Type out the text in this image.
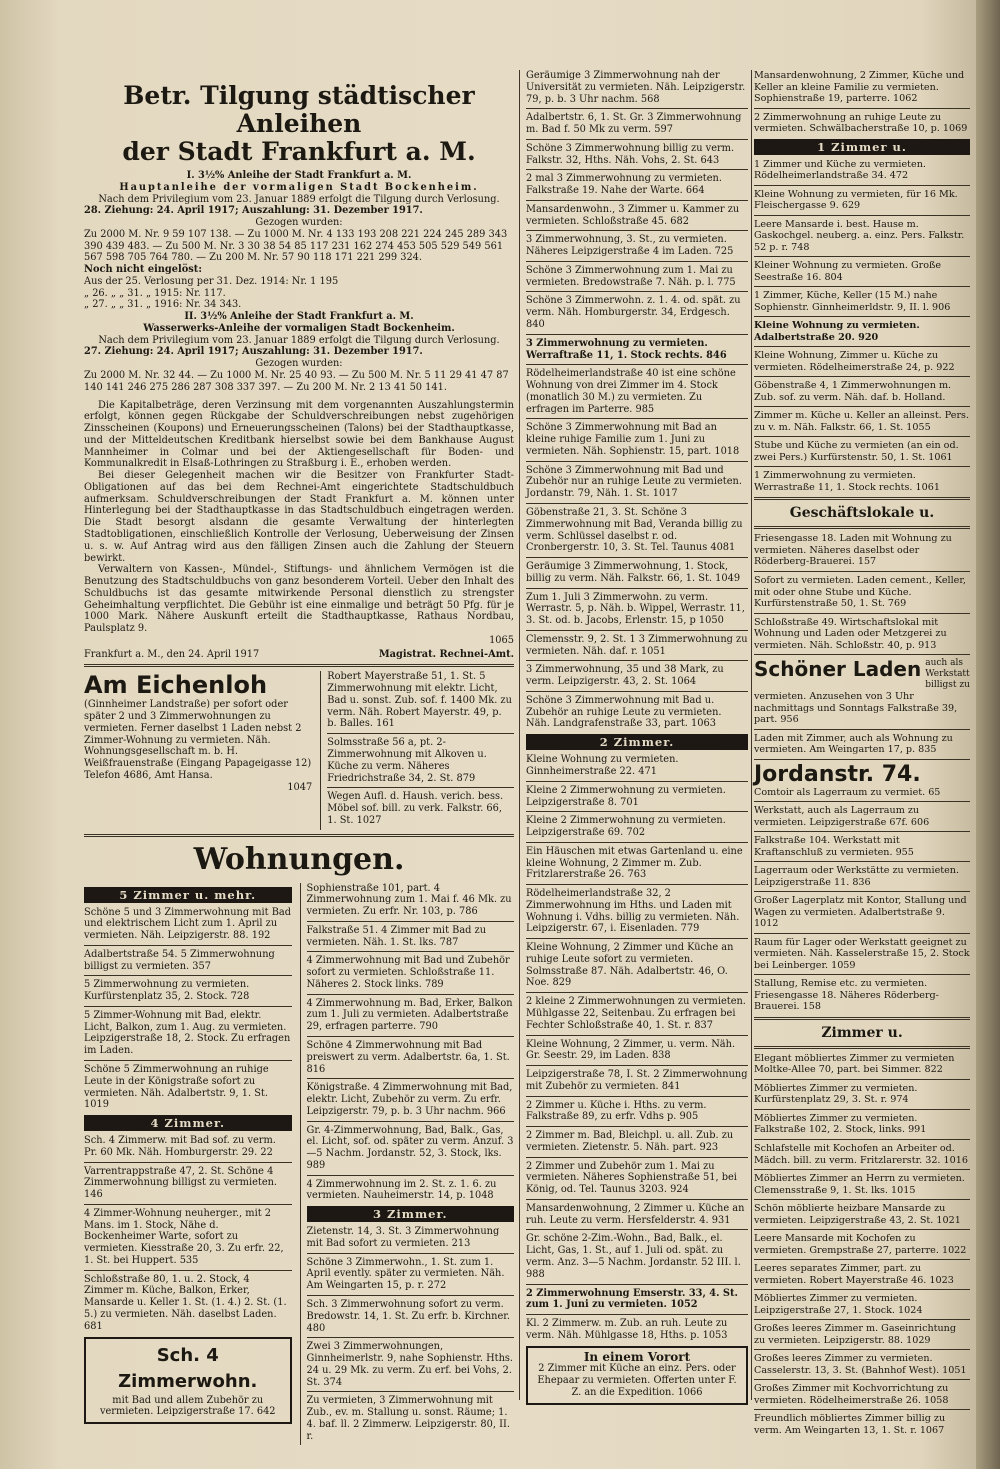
Betr. Tilgung städtischer Anleihen
der Stadt Frankfurt a. M.

I. 3½% Anleihe der Stadt Frankfurt a. M.

Hauptanleihe der vormaligen Stadt Bockenheim.

Nach dem Privilegium vom 23. Januar 1889 erfolgt die Tilgung durch Verlosung.

28. Ziehung: 24. April 1917; Auszahlung: 31. Dezember 1917.

Gezogen wurden:

Zu 2000 M. Nr. 9 59 107 138. — Zu 1000 M. Nr. 4 133 193 208 221 224 245 289 343 390 439 483. — Zu 500 M. Nr. 3 30 38 54 85 117 231 162 274 453 505 529 549 561 567 598 705 764 780. — Zu 200 M. Nr. 57 90 118 171 221 299 324.

Noch nicht eingelöst:

Aus der 25. Verlosung per 31. Dez. 1914: Nr. 1 195

„ 26. „ „ 31. „ 1915: Nr. 117.

„ 27. „ „ 31. „ 1916: Nr. 34 343.

II. 3½% Anleihe der Stadt Frankfurt a. M.

Wasserwerks-Anleihe der vormaligen Stadt Bockenheim.

Nach dem Privilegium vom 23. Januar 1889 erfolgt die Tilgung durch Verlosung.

27. Ziehung: 24. April 1917; Auszahlung: 31. Dezember 1917.

Gezogen wurden:

Zu 2000 M. Nr. 32 44. — Zu 1000 M. Nr. 25 40 93. — Zu 500 M. Nr. 5 11 29 41 47 87 140 141 246 275 286 287 308 337 397. — Zu 200 M. Nr. 2 13 41 50 141.

Die Kapitalbeträge, deren Verzinsung mit dem vorgenannten Auszahlungstermin erfolgt, können gegen Rückgabe der Schuldverschreibungen nebst zugehörigen Zinsscheinen (Koupons) und Erneuerungsscheinen (Talons) bei der Stadthauptkasse, und der Mitteldeutschen Kreditbank hierselbst sowie bei dem Bankhause August Mannheimer in Colmar und bei der Aktiengesellschaft für Boden- und Kommunalkredit in Elsaß-Lothringen zu Straßburg i. E., erhoben werden.

Bei dieser Gelegenheit machen wir die Besitzer von Frankfurter Stadt-Obligationen auf das bei dem Rechnei-Amt eingerichtete Stadtschuldbuch aufmerksam. Schuldverschreibungen der Stadt Frankfurt a. M. können unter Hinterlegung bei der Stadthauptkasse in das Stadtschuldbuch eingetragen werden. Die Stadt besorgt alsdann die gesamte Verwaltung der hinterlegten Stadtobligationen, einschließlich Kontrolle der Verlosung, Ueberweisung der Zinsen u. s. w. Auf Antrag wird aus den fälligen Zinsen auch die Zahlung der Steuern bewirkt.

Verwaltern von Kassen-, Mündel-, Stiftungs- und ähnlichem Vermögen ist die Benutzung des Stadtschuldbuchs von ganz besonderem Vorteil. Ueber den Inhalt des Schuldbuchs ist das gesamte mitwirkende Personal dienstlich zu strengster Geheimhaltung verpflichtet. Die Gebühr ist eine einmalige und beträgt 50 Pfg. für je 1000 Mark. Nähere Auskunft erteilt die Stadthauptkasse, Rathaus Nordbau, Paulsplatz 9.

1065

Frankfurt a. M., den 24. April 1917	Magistrat. Rechnei-Amt.
Am Eichenloh

(Ginnheimer Landstraße) per sofort oder später 2 und 3 Zimmerwohnungen zu vermieten. Ferner daselbst 1 Laden nebst 2 Zimmer-Wohnung zu vermieten. Näh. Wohnungsgesellschaft m. b. H. Weißfrauenstraße (Eingang Papageigasse 12) Telefon 4686, Amt Hansa.

1047

Robert Mayerstraße 51, 1. St. 5 Zimmerwohnung mit elektr. Licht, Bad u. sonst. Zub. sof. f. 1400 Mk. zu verm. Näh. Robert Mayerstr. 49, p. b. Balles. 161

Solmsstraße 56 a, pt. 2-Zimmerwohnung mit Alkoven u. Küche zu verm. Näheres Friedrichstraße 34, 2. St. 879

Wegen Aufl. d. Haush. verich. bess. Möbel sof. bill. zu verk. Falkstr. 66, 1. St. 1027

Wohnungen.
5 Zimmer u. mehr.

Schöne 5 und 3 Zimmerwohnung mit Bad und elektrischem Licht zum 1. April zu vermieten. Näh. Leipzigerstr. 88. 192

Adalbertstraße 54. 5 Zimmerwohnung billigst zu vermieten. 357

5 Zimmerwohnung zu vermieten. Kurfürstenplatz 35, 2. Stock. 728

5 Zimmer-Wohnung mit Bad, elektr. Licht, Balkon, zum 1. Aug. zu vermieten. Leipzigerstraße 18, 2. Stock. Zu erfragen im Laden.

Schöne 5 Zimmerwohnung an ruhige Leute in der Königstraße sofort zu vermieten. Näh. Adalbertstr. 9, 1. St. 1019

4 Zimmer.

Sch. 4 Zimmerw. mit Bad sof. zu verm. Pr. 60 Mk. Näh. Homburgerstr. 29. 22

Varrentrappstraße 47, 2. St. Schöne 4 Zimmerwohnung billigst zu vermieten. 146

4 Zimmer-Wohnung neuherger., mit 2 Mans. im 1. Stock, Nähe d. Bockenheimer Warte, sofort zu vermieten. Kiesstraße 20, 3. Zu erfr. 22, 1. St. bei Huppert. 535

Schloßstraße 80, 1. u. 2. Stock, 4 Zimmer m. Küche, Balkon, Erker, Mansarde u. Keller 1. St. (1. 4.) 2. St. (1. 5.) zu vermieten. Näh. daselbst Laden. 681

Sch. 4 Zimmerwohn.

mit Bad und allem Zubehör zu vermieten. Leipzigerstraße 17. 642

Sophienstraße 101, part. 4 Zimmerwohnung zum 1. Mai f. 46 Mk. zu vermieten. Zu erfr. Nr. 103, p. 786

Falkstraße 51. 4 Zimmer mit Bad zu vermieten. Näh. 1. St. lks. 787

4 Zimmerwohnung mit Bad und Zubehör sofort zu vermieten. Schloßstraße 11. Näheres 2. Stock links. 789

4 Zimmerwohnung m. Bad, Erker, Balkon zum 1. Juli zu vermieten. Adalbertstraße 29, erfragen parterre. 790

Schöne 4 Zimmerwohnung mit Bad preiswert zu verm. Adalbertstr. 6a, 1. St. 816

Königstraße. 4 Zimmerwohnung mit Bad, elektr. Licht, Zubehör zu verm. Zu erfr. Leipzigerstr. 79, p. b. 3 Uhr nachm. 966

Gr. 4-Zimmerwohnung, Bad, Balk., Gas, el. Licht, sof. od. später zu verm. Anzuf. 3—5 Nachm. Jordanstr. 52, 3. Stock, lks. 989

4 Zimmerwohnung im 2. St. z. 1. 6. zu vermieten. Nauheimerstr. 14, p. 1048

3 Zimmer.

Zietenstr. 14, 3. St. 3 Zimmerwohnung mit Bad sofort zu vermieten. 213

Schöne 3 Zimmerwohn., 1. St. zum 1. April evently. später zu vermieten. Näh. Am Weingarten 15, p. r. 272

Sch. 3 Zimmerwohnung sofort zu verm. Bredowstr. 14, 1. St. Zu erfr. b. Kirchner. 480

Zwei 3 Zimmerwohnungen, Ginnheimerlstr. 9, nahe Sophienstr. Hths. 24 u. 29 Mk. zu verm. Zu erf. bei Vohs, 2. St. 374

Zu vermieten, 3 Zimmerwohnung mit Zub., ev. m. Stallung u. sonst. Räume; 1. 4. baf. ll. 2 Zimmerw. Leipzigerstr. 80, II. r.

Geräumige 3 Zimmerwohnung nah der Universität zu vermieten. Näh. Leipzigerstr. 79, p. b. 3 Uhr nachm. 568

Adalbertstr. 6, 1. St. Gr. 3 Zimmerwohnung m. Bad f. 50 Mk zu verm. 597

Schöne 3 Zimmerwohnung billig zu verm. Falkstr. 32, Hths. Näh. Vohs, 2. St. 643

2 mal 3 Zimmerwohnung zu vermieten. Falkstraße 19. Nahe der Warte. 664

Mansardenwohn., 3 Zimmer u. Kammer zu vermieten. Schloßstraße 45. 682

3 Zimmerwohnung, 3. St., zu vermieten. Näheres Leipzigerstraße 4 im Laden. 725

Schöne 3 Zimmerwohnung zum 1. Mai zu vermieten. Bredowstraße 7. Näh. p. l. 775

Schöne 3 Zimmerwohn. z. 1. 4. od. spät. zu verm. Näh. Homburgerstr. 34, Erdgesch. 840

3 Zimmerwohnung zu vermieten. Werraftraße 11, 1. Stock rechts. 846

Rödelheimerlandstraße 40 ist eine schöne Wohnung von drei Zimmer im 4. Stock (monatlich 30 M.) zu vermieten. Zu erfragen im Parterre. 985

Schöne 3 Zimmerwohnung mit Bad an kleine ruhige Familie zum 1. Juni zu vermieten. Näh. Sophienstr. 15, part. 1018

Schöne 3 Zimmerwohnung mit Bad und Zubehör nur an ruhige Leute zu vermieten. Jordanstr. 79, Näh. 1. St. 1017

Göbenstraße 21, 3. St. Schöne 3 Zimmerwohnung mit Bad, Veranda billig zu verm. Schlüssel daselbst r. od. Cronbergerstr. 10, 3. St. Tel. Taunus 4081

Geräumige 3 Zimmerwohnung, 1. Stock, billig zu verm. Näh. Falkstr. 66, 1. St. 1049

Zum 1. Juli 3 Zimmerwohn. zu verm. Werrastr. 5, p. Näh. b. Wippel, Werrastr. 11, 3. St. od. b. Jacobs, Erlenstr. 15, p 1050

Clemensstr. 9, 2. St. 1 3 Zimmerwohnung zu vermieten. Näh. daf. r. 1051

3 Zimmerwohnung, 35 und 38 Mark, zu verm. Leipzigerstr. 43, 2. St. 1064

Schöne 3 Zimmerwohnung mit Bad u. Zubehör an ruhige Leute zu vermieten. Näh. Landgrafenstraße 33, part. 1063

2 Zimmer.

Kleine Wohnung zu vermieten. Ginnheimerstraße 22. 471

Kleine 2 Zimmerwohnung zu vermieten. Leipzigerstraße 8. 701

Kleine 2 Zimmerwohnung zu vermieten. Leipzigerstraße 69. 702

Ein Häuschen mit etwas Gartenland u. eine kleine Wohnung, 2 Zimmer m. Zub. Fritzlarerstraße 26. 763

Rödelheimerlandstraße 32, 2 Zimmerwohnung im Hths. und Laden mit Wohnung i. Vdhs. billig zu vermieten. Näh. Leipzigerstr. 67, i. Eisenladen. 779

Kleine Wohnung, 2 Zimmer und Küche an ruhige Leute sofort zu vermieten. Solmsstraße 87. Näh. Adalbertstr. 46, O. Noe. 829

2 kleine 2 Zimmerwohnungen zu vermieten. Mühlgasse 22, Seitenbau. Zu erfragen bei Fechter Schloßstraße 40, 1. St. r. 837

Kleine Wohnung, 2 Zimmer, u. verm. Näh. Gr. Seestr. 29, im Laden. 838

Leipzigerstraße 78, I. St. 2 Zimmerwohnung mit Zubehör zu vermieten. 841

2 Zimmer u. Küche i. Hths. zu verm. Falkstraße 89, zu erfr. Vdhs p. 905

2 Zimmer m. Bad, Bleichpl. u. all. Zub. zu vermieten. Zietenstr. 5. Näh. part. 923

2 Zimmer und Zubehör zum 1. Mai zu vermieten. Näheres Sophienstraße 51, bei König, od. Tel. Taunus 3203. 924

Mansardenwohnung, 2 Zimmer u. Küche an ruh. Leute zu verm. Hersfelderstr. 4. 931

Gr. schöne 2-Zim.-Wohn., Bad, Balk., el. Licht, Gas, 1. St., auf 1. Juli od. spät. zu verm. Anz. 3—5 Nachm. Jordanstr. 52 III. l. 988

2 Zimmerwohnung Emserstr. 33, 4. St. zum 1. Juni zu vermieten. 1052

Kl. 2 Zimmerw. m. Zub. an ruh. Leute zu verm. Näh. Mühlgasse 18, Hths. p. 1053

In einem Vorort

2 Zimmer mit Küche an einz. Pers. oder Ehepaar zu vermieten. Offerten unter F. Z. an die Expedition. 1066

Mansardenwohnung, 2 Zimmer, Küche und Keller an kleine Familie zu vermieten. Sophienstraße 19, parterre. 1062

2 Zimmerwohnung an ruhige Leute zu vermieten. Schwälbacherstraße 10, p. 1069

1 Zimmer u.

1 Zimmer und Küche zu vermieten. Rödelheimerlandstraße 34. 472

Kleine Wohnung zu vermieten, für 16 Mk. Fleischergasse 9. 629

Leere Mansarde i. best. Hause m. Gaskochgel. neuberg. a. einz. Pers. Falkstr. 52 p. r. 748

Kleiner Wohnung zu vermieten. Große Seestraße 16. 804

1 Zimmer, Küche, Keller (15 M.) nahe Sophienstr. Ginnheimerldstr. 9, II. l. 906

Kleine Wohnung zu vermieten. Adalbertstraße 20. 920

Kleine Wohnung, Zimmer u. Küche zu vermieten. Rödelheimerstraße 24, p. 922

Göbenstraße 4, 1 Zimmerwohnungen m. Zub. sof. zu verm. Näh. daf. b. Holland.

Zimmer m. Küche u. Keller an alleinst. Pers. zu v. m. Näh. Falkstr. 66, 1. St. 1055

Stube und Küche zu vermieten (an ein od. zwei Pers.) Kurfürstenstr. 50, 1. St. 1061

1 Zimmerwohnung zu vermieten. Werrastraße 11, 1. Stock rechts. 1061

Geschäftslokale u.

Friesengasse 18. Laden mit Wohnung zu vermieten. Näheres daselbst oder Röderberg-Brauerei. 157

Sofort zu vermieten. Laden cement., Keller, mit oder ohne Stube und Küche. Kurfürstenstraße 50, 1. St. 769

Schloßstraße 49. Wirtschaftslokal mit Wohnung und Laden oder Metzgerei zu vermieten. Näh. Schloßstr. 40, p. 913

Schöner Laden auch als Werkstatt billigst zu

vermieten. Anzusehen von 3 Uhr nachmittags und Sonntags Falkstraße 39, part. 956

Laden mit Zimmer, auch als Wohnung zu vermieten. Am Weingarten 17, p. 835

Jordanstr. 74.

Comtoir als Lagerraum zu vermiet. 65

Werkstatt, auch als Lagerraum zu vermieten. Leipzigerstraße 67f. 606

Falkstraße 104. Werkstatt mit Kraftanschluß zu vermieten. 955

Lagerraum oder Werkstätte zu vermieten. Leipzigerstraße 11. 836

Großer Lagerplatz mit Kontor, Stallung und Wagen zu vermieten. Adalbertstraße 9. 1012

Raum für Lager oder Werkstatt geeignet zu vermieten. Näh. Kasselerstraße 15, 2. Stock bei Leinberger. 1059

Stallung, Remise etc. zu vermieten. Friesengasse 18. Näheres Röderberg-Brauerei. 158

Zimmer u.

Elegant möbliertes Zimmer zu vermieten Moltke-Allee 70, part. bei Simmer. 822

Möbliertes Zimmer zu vermieten. Kurfürstenplatz 29, 3. St. r. 974

Möbliertes Zimmer zu vermieten. Falkstraße 102, 2. Stock, links. 991

Schlafstelle mit Kochofen an Arbeiter od. Mädch. bill. zu verm. Fritzlarerstr. 32. 1016

Möbliertes Zimmer an Herrn zu vermieten. Clemensstraße 9, 1. St. lks. 1015

Schön möblierte heizbare Mansarde zu vermieten. Leipzigerstraße 43, 2. St. 1021

Leere Mansarde mit Kochofen zu vermieten. Grempstraße 27, parterre. 1022

Leeres separates Zimmer, part. zu vermieten. Robert Mayerstraße 46. 1023

Möbliertes Zimmer zu vermieten. Leipzigerstraße 27, 1. Stock. 1024

Großes leeres Zimmer m. Gaseinrichtung zu vermieten. Leipzigerstr. 88. 1029

Großes leeres Zimmer zu vermieten. Casselerstr. 13, 3. St. (Bahnhof West). 1051

Großes Zimmer mit Kochvorrichtung zu vermieten. Rödelheimerstraße 26. 1058

Freundlich möbliertes Zimmer billig zu verm. Am Weingarten 13, 1. St. r. 1067
